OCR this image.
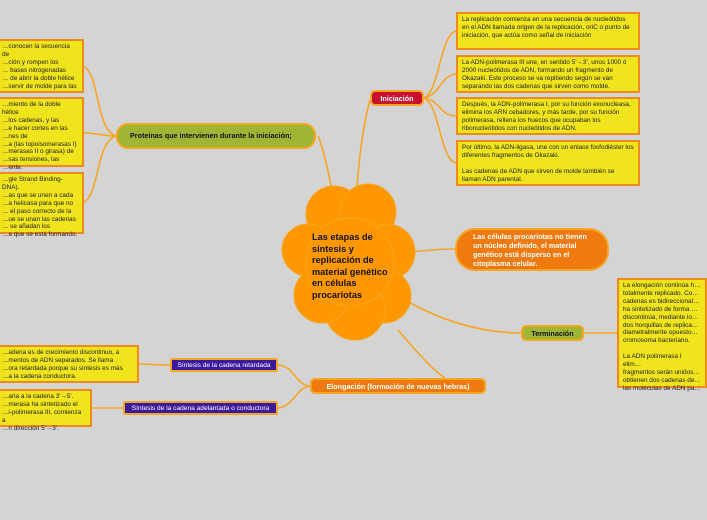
Las etapas de síntesis y replicación de material genético en células procariotas
Iniciación
Proteínas que intervienen durante la iniciación;
Las células procariotas no tienen un núcleo definido, el material genético está disperso en el citoplasma celular.
Terminación
Elongación (formación de nuevas hebras)
Síntesis de la cadena retardada
Síntesis de la cadena adelantada o conductora
La replicación comienza en una secuencia de nucleótidos en el ADN llamada origen de la replicación, oriC o punto de iniciación, que actúa como señal de iniciación
La ADN-polimerasa III une, en sentido 5'→3', unos 1000 ó 2000 nucleótidos de ADN, formando un fragmento de Okazaki. Este proceso se va repitiendo según se van separando las dos cadenas que sirven como molde.
Después, la ADN-polimerasa I, por su función exonucleasa, elimina los ARN cebadores, y más tarde, por su función polimerasa, rellena los huecos que ocupaban los ribonucleótidos con nucleótidos de ADN.
Por último, la ADN-ligasa, une con un enlace fosfodiéster los diferentes fragmentos de Okazaki.

Las cadenas de ADN que sirven de molde también se llaman ADN parental.
…conocen la secuencia de
…ción y rompen los
… bases nitrogenadas
… de abrir la doble hélice
…servir de molde para las
…miento de la doble hélice
…los cadenas, y las
…e hacer cortes en las
…nes de
…a (las topoisomerasas I)
…merasas II o girasa) de
…sas tensiones, las
…ente.
…gle Strand Binding-DNA).
…as que se unen a cada
…a helicasa para que no
… el paso correcto de la
…ue se unan las cadenas
… se añadan los
…a que se está formando.
La elongación continúa h…
totalmente replicado. Co…
cadenas es bidireccional…
ha sintetizado de forma …
discontinúa, mediante lo…
dos horquillas de replica…
diametralmente opuesto…
cromosoma bacteriano.

La ADN polimerasa I elim…
fragmentos serán unidos…
obtienen dos cadenas de…
las moléculas de ADN pa…
…adena es de crecimiento discontinuo, a
…mentos de ADN separados. Se llama
…ora retardada porque su síntesis es más
…a la cadena conductora.
…aria a la cadena 3'→5'.
…merasa ha sintetizado el
…i-polimerasa III, comienza a
…n dirección 5'→3'.
